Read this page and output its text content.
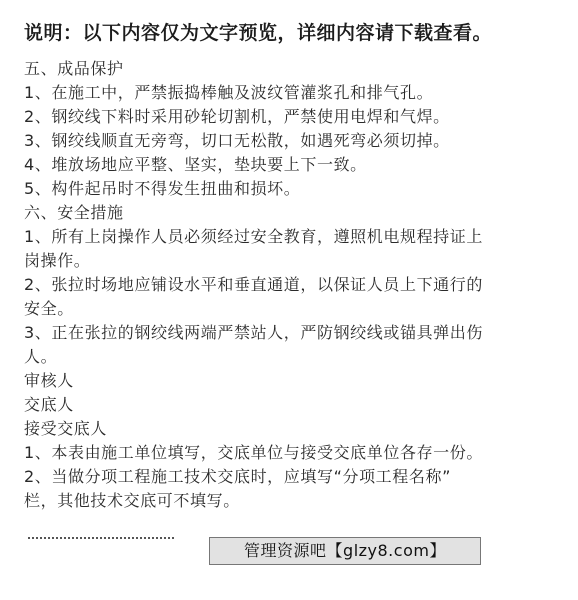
说明：以下内容仅为文字预览，详细内容请下载查看。
五、成品保护
1、在施工中，严禁振捣棒触及波纹管灌浆孔和排气孔。
2、钢绞线下料时采用砂轮切割机，严禁使用电焊和气焊。
3、钢绞线顺直无旁弯，切口无松散，如遇死弯必须切掉。
4、堆放场地应平整、坚实，垫块要上下一致。
5、构件起吊时不得发生扭曲和损坏。
六、安全措施
1、所有上岗操作人员必须经过安全教育，遵照机电规程持证上
岗操作。
2、张拉时场地应铺设水平和垂直通道，以保证人员上下通行的
安全。
3、正在张拉的钢绞线两端严禁站人，严防钢绞线或锚具弹出伤
人。
审核人
交底人
接受交底人
1、本表由施工单位填写，交底单位与接受交底单位各存一份。
2、当做分项工程施工技术交底时，应填写“分项工程名称”
栏，其他技术交底可不填写。
管理资源吧【glzy8.com】
